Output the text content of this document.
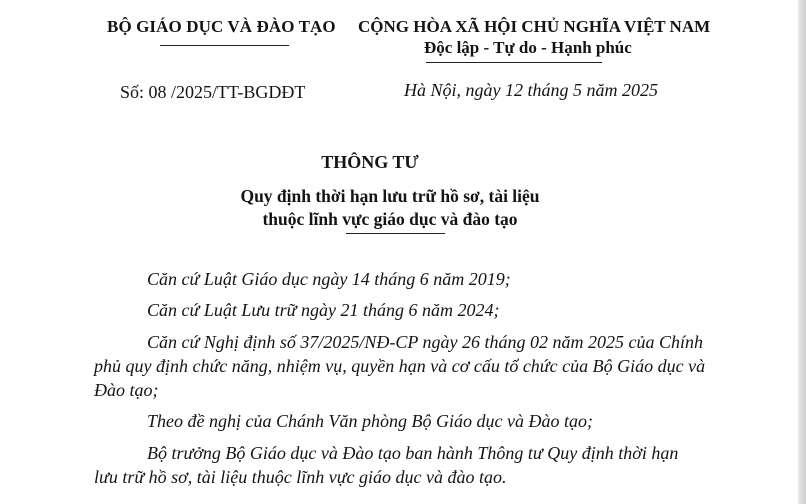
BỘ GIÁO DỤC VÀ ĐÀO TẠO CỘNG HÒA XÃ HỘI CHỦ NGHĨA VIỆT NAM
Độc lập - Tự do - Hạnh phúc
Số: 08 /2025/TT-BGDĐT	Hà Nội, ngày 12 tháng 5 năm 2025
THÔNG TƯ
Quy định thời hạn lưu trữ hồ sơ, tài liệu
thuộc lĩnh vực giáo dục và đào tạo
Căn cứ Luật Giáo dục ngày 14 tháng 6 năm 2019;
Căn cứ Luật Lưu trữ ngày 21 tháng 6 năm 2024;
Căn cứ Nghị định số 37/2025/NĐ-CP ngày 26 tháng 02 năm 2025 của Chính
phủ quy định chức năng, nhiệm vụ, quyền hạn và cơ cấu tổ chức của Bộ Giáo dục và
Đào tạo;
Theo đề nghị của Chánh Văn phòng Bộ Giáo dục và Đào tạo;
Bộ trưởng Bộ Giáo dục và Đào tạo ban hành Thông tư Quy định thời hạn
lưu trữ hồ sơ, tài liệu thuộc lĩnh vực giáo dục và đào tạo.
